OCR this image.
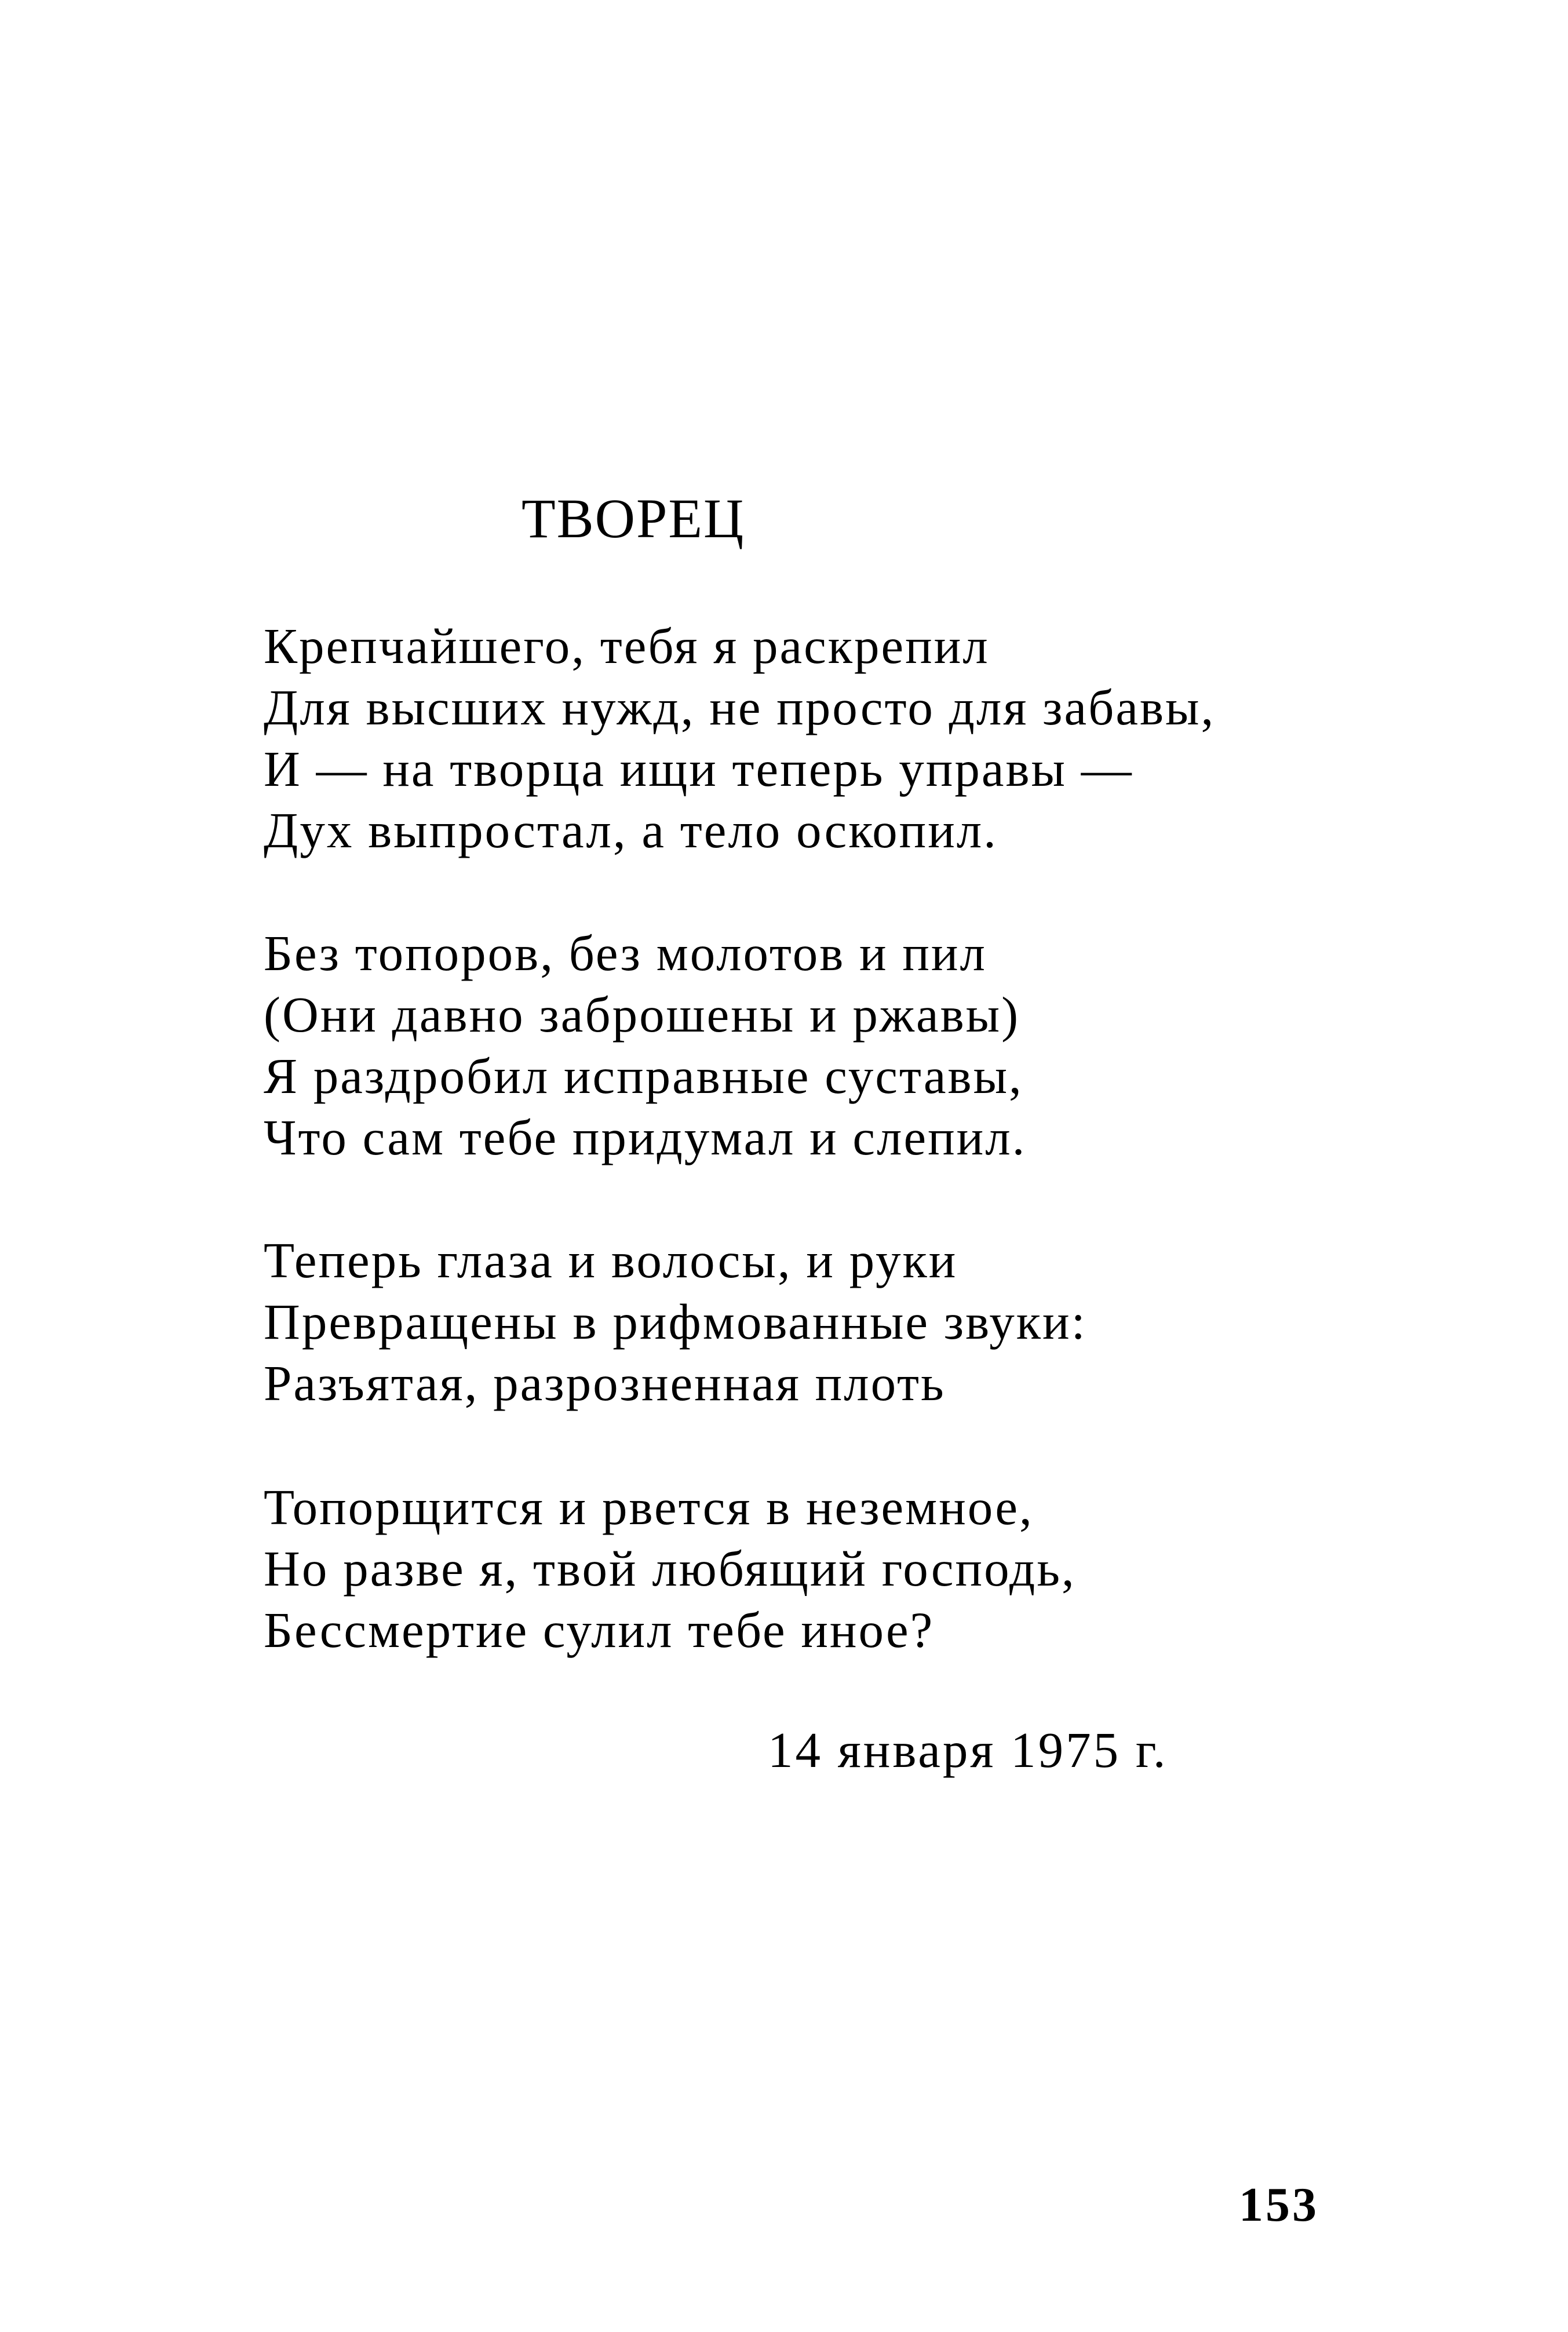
ТВОРЕЦ
Крепчайшего, тебя я раскрепил
Для высших нужд, не просто для забавы,
И — на творца ищи теперь управы —
Дух выпростал, а тело оскопил.
Без топоров, без молотов и пил
(Они давно заброшены и ржавы)
Я раздробил исправные суставы,
Что сам тебе придумал и слепил.
Теперь глаза и волосы, и руки
Превращены в рифмованные звуки:
Разъятая, разрозненная плоть
Топорщится и рвется в неземное,
Но разве я, твой любящий господь,
Бессмертие сулил тебе иное?
14 января 1975 г.
153
